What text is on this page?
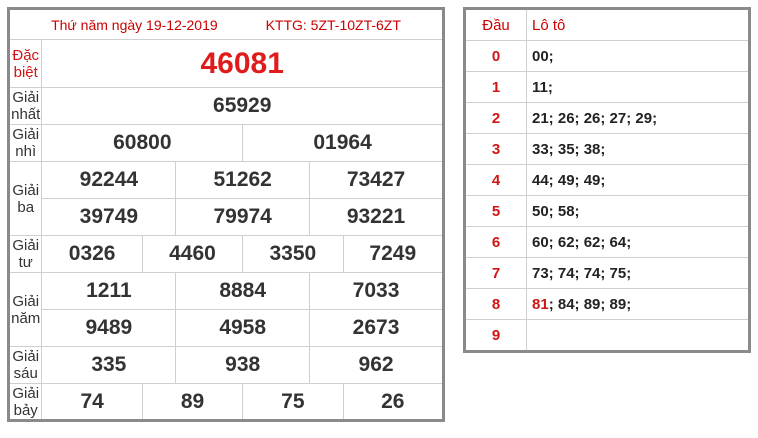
Thứ năm ngày 19-12-2019 KTTG: 5ZT-10ZT-6ZT						
Đặc biệt	46081					
Giải nhất	65929					
Giải nhì	60800			01964		
Giải ba	92244		51262		73427	
	39749		79974		93221	
Giải tư	0326	4460		3350		7249
Giải năm	1211		8884		7033	
	9489		4958		2673	
Giải sáu	335		938		962	
Giải bảy	74	89		75		26
Đầu	Lô tô
0	00;
1	11;
2	21; 26; 26; 27; 29;
3	33; 35; 38;
4	44; 49; 49;
5	50; 58;
6	60; 62; 62; 64;
7	73; 74; 74; 75;
8	81; 84; 89; 89;
9	
